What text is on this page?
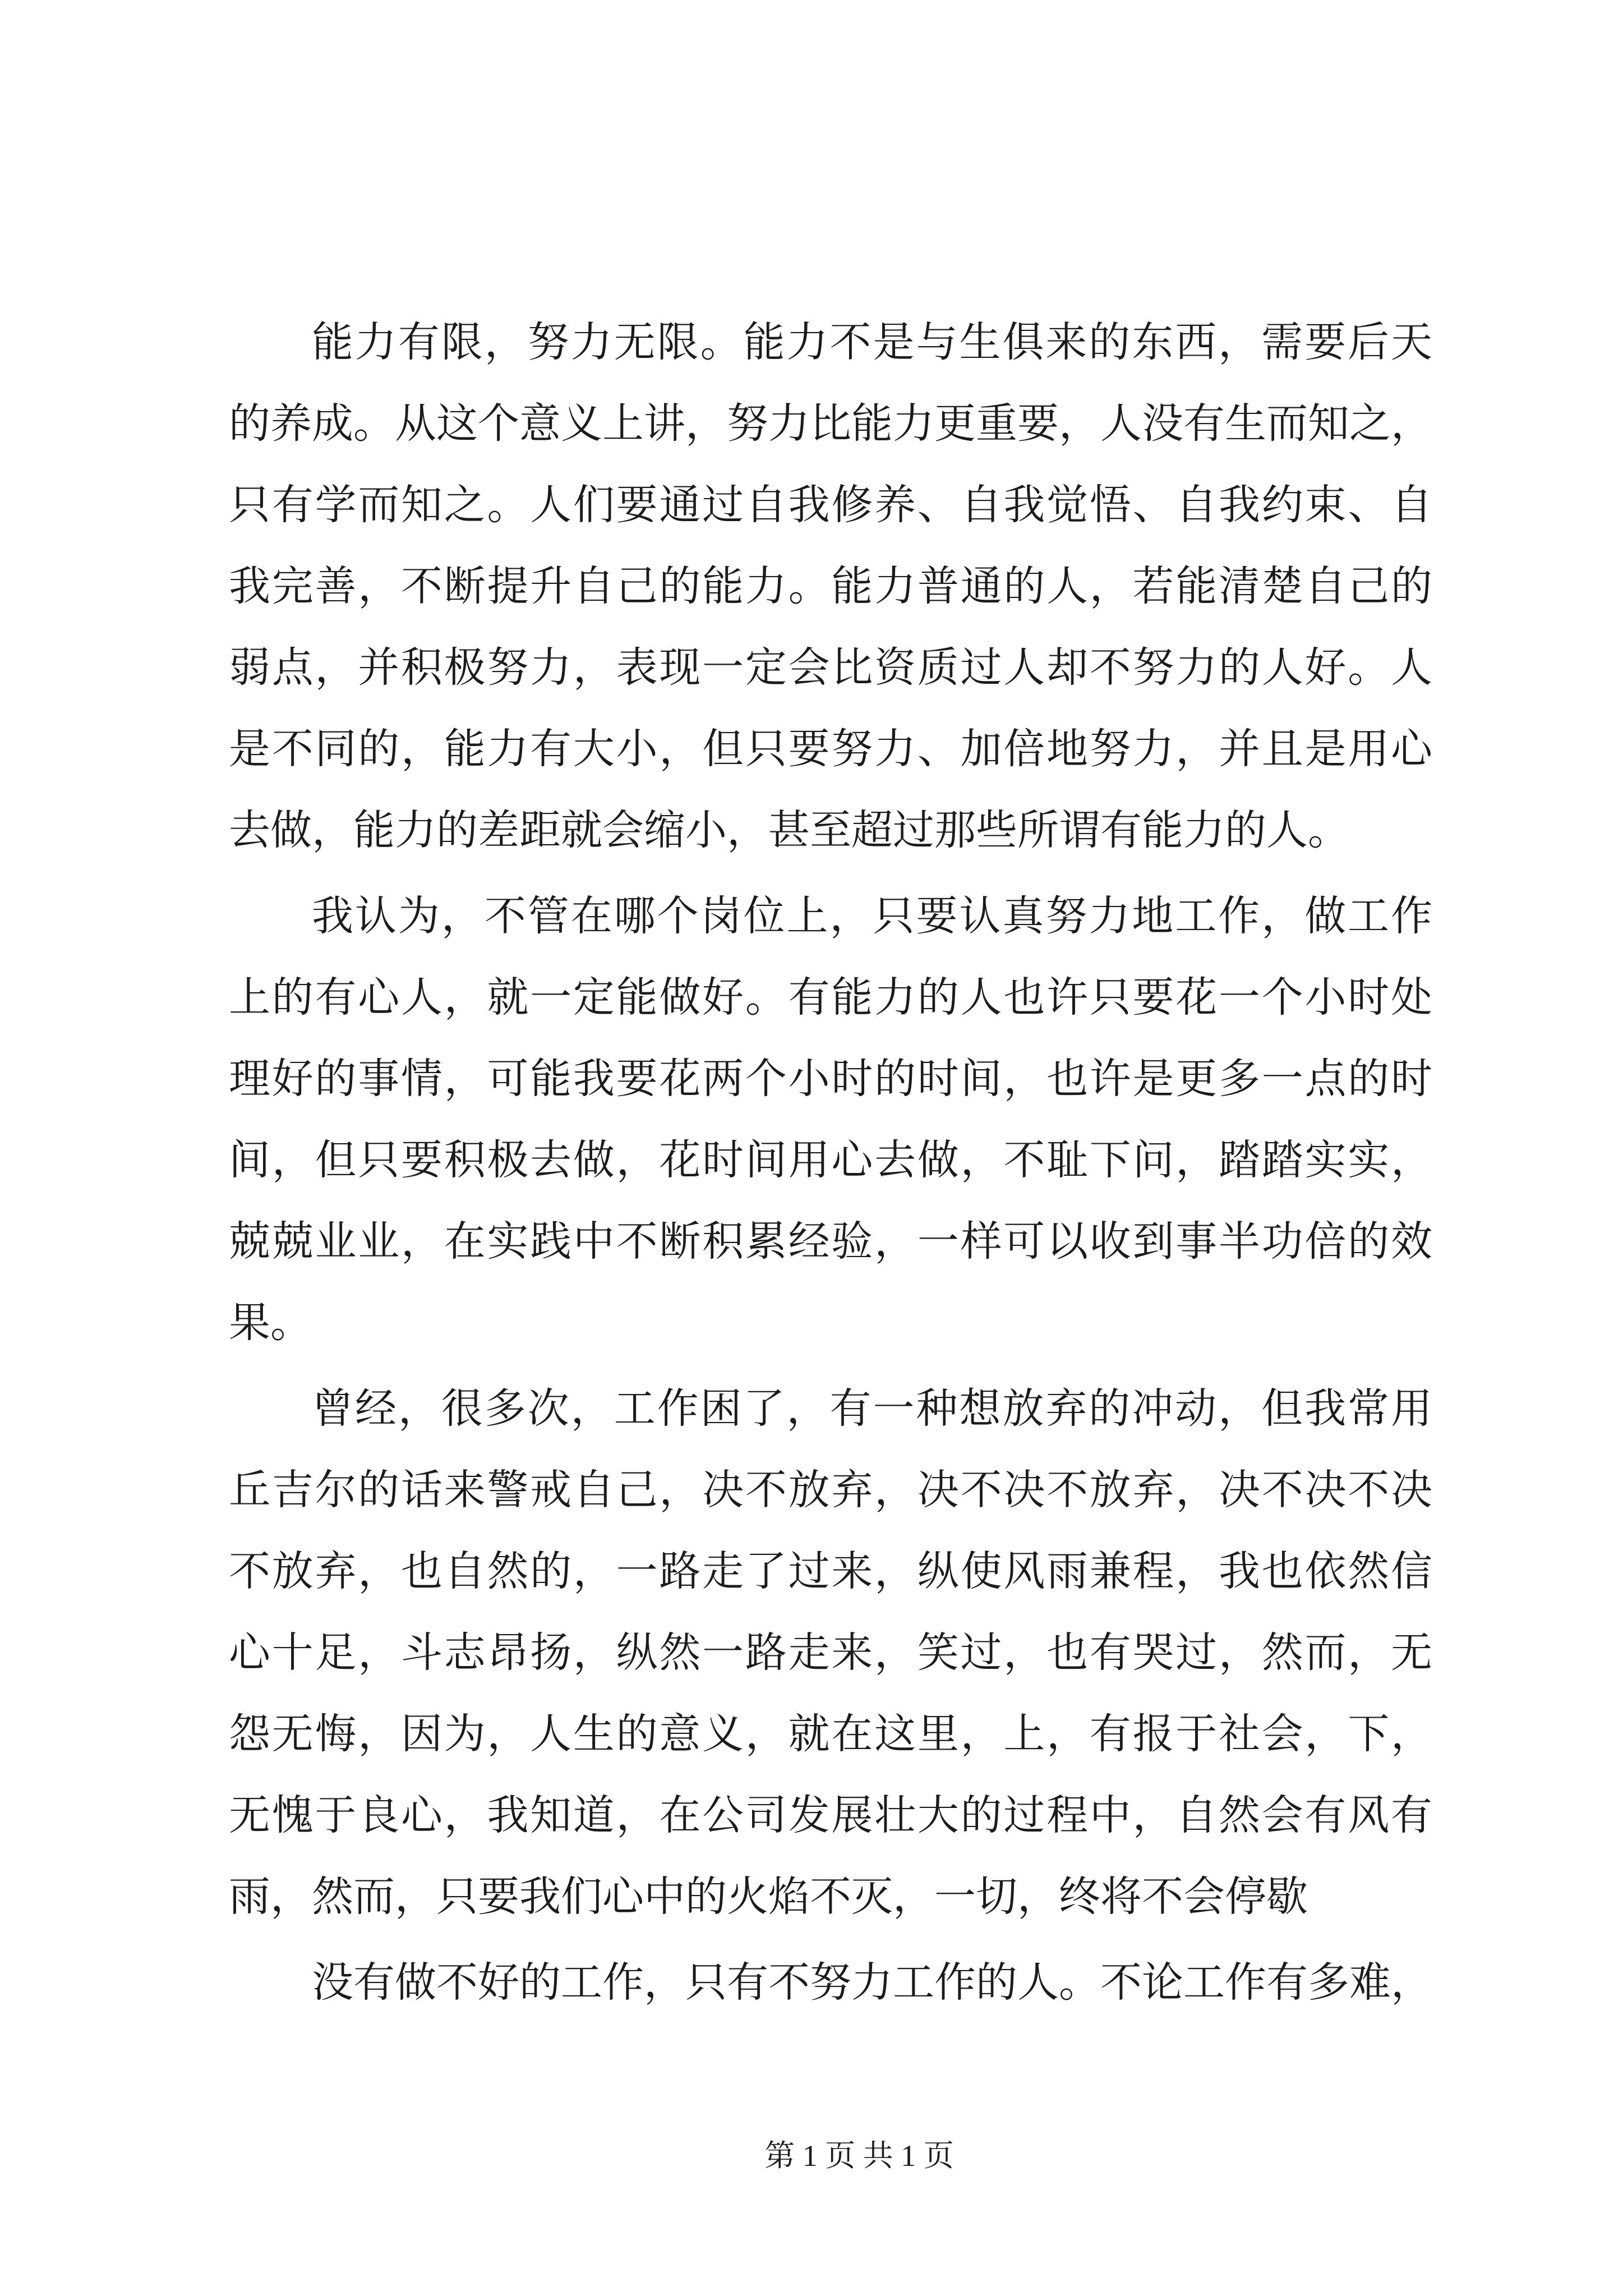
能力有限，努力无限。能力不是与生俱来的东西，需要后天
的养成。从这个意义上讲，努力比能力更重要，人没有生而知之，
只有学而知之。人们要通过自我修养、自我觉悟、自我约束、自
我完善，不断提升自己的能力。能力普通的人，若能清楚自己的
弱点，并积极努力，表现一定会比资质过人却不努力的人好。人
是不同的，能力有大小，但只要努力、加倍地努力，并且是用心
去做，能力的差距就会缩小，甚至超过那些所谓有能力的人。
我认为，不管在哪个岗位上，只要认真努力地工作，做工作
上的有心人，就一定能做好。有能力的人也许只要花一个小时处
理好的事情，可能我要花两个小时的时间，也许是更多一点的时
间，但只要积极去做，花时间用心去做，不耻下问，踏踏实实，
兢兢业业，在实践中不断积累经验，一样可以收到事半功倍的效
果。
曾经，很多次，工作困了，有一种想放弃的冲动，但我常用
丘吉尔的话来警戒自己，决不放弃，决不决不放弃，决不决不决
不放弃，也自然的，一路走了过来，纵使风雨兼程，我也依然信
心十足，斗志昂扬，纵然一路走来，笑过，也有哭过，然而，无
怨无悔，因为，人生的意义，就在这里，上，有报于社会，下，
无愧于良心，我知道，在公司发展壮大的过程中，自然会有风有
雨，然而，只要我们心中的火焰不灭，一切，终将不会停歇
没有做不好的工作，只有不努力工作的人。不论工作有多难，
第 1 页 共 1 页
